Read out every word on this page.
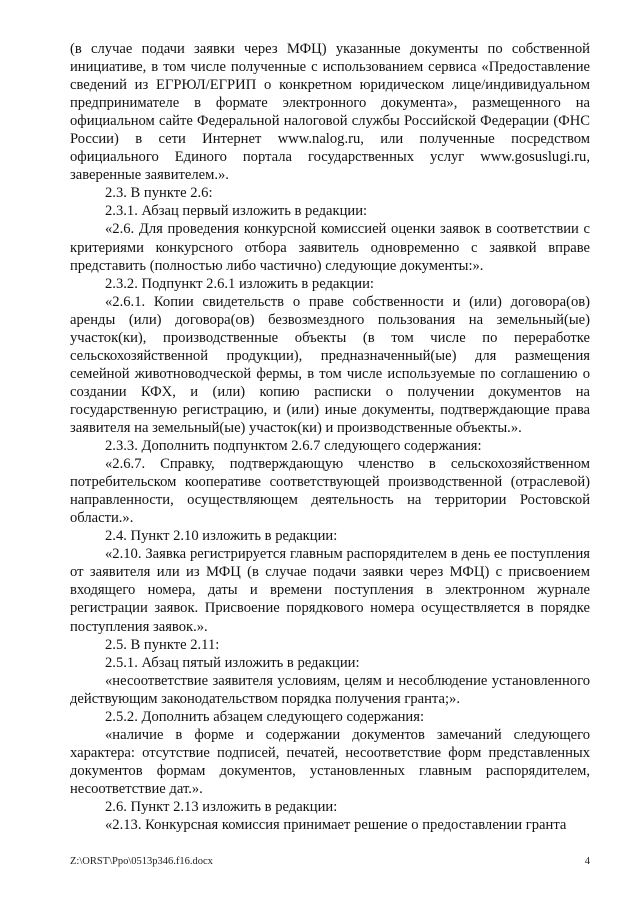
(в случае подачи заявки через МФЦ) указанные документы по собственной инициативе, в том числе полученные с использованием сервиса «Предоставление сведений из ЕГРЮЛ/ЕГРИП о конкретном юридическом лице/индивидуальном предпринимателе в формате электронного документа», размещенного на официальном сайте Федеральной налоговой службы Российской Федерации (ФНС России) в сети Интернет www.nalog.ru, или полученные посредством официального Единого портала государственных услуг www.gosuslugi.ru, заверенные заявителем.».

2.3. В пункте 2.6:

2.3.1. Абзац первый изложить в редакции:

«2.6. Для проведения конкурсной комиссией оценки заявок в соответствии с критериями конкурсного отбора заявитель одновременно с заявкой вправе представить (полностью либо частично) следующие документы:».

2.3.2. Подпункт 2.6.1 изложить в редакции:

«2.6.1. Копии свидетельств о праве собственности и (или) договора(ов) аренды (или) договора(ов) безвозмездного пользования на земельный(ые) участок(ки), производственные объекты (в том числе по переработке сельскохозяйственной продукции), предназначенный(ые) для размещения семейной животноводческой фермы, в том числе используемые по соглашению о создании КФХ, и (или) копию расписки о получении документов на государственную регистрацию, и (или) иные документы, подтверждающие права заявителя на земельный(ые) участок(ки) и производственные объекты.».

2.3.3. Дополнить подпунктом 2.6.7 следующего содержания:

«2.6.7. Справку, подтверждающую членство в сельскохозяйственном потребительском кооперативе соответствующей производственной (отраслевой) направленности, осуществляющем деятельность на территории Ростовской области.».

2.4. Пункт 2.10 изложить в редакции:

«2.10. Заявка регистрируется главным распорядителем в день ее поступления от заявителя или из МФЦ (в случае подачи заявки через МФЦ) с присвоением входящего номера, даты и времени поступления в электронном журнале регистрации заявок. Присвоение порядкового номера осуществляется в порядке поступления заявок.».

2.5. В пункте 2.11:

2.5.1. Абзац пятый изложить в редакции:

«несоответствие заявителя условиям, целям и несоблюдение установленного действующим законодательством порядка получения гранта;».

2.5.2. Дополнить абзацем следующего содержания:

«наличие в форме и содержании документов замечаний следующего характера: отсутствие подписей, печатей, несоответствие форм представленных документов формам документов, установленных главным распорядителем, несоответствие дат.».

2.6. Пункт 2.13 изложить в редакции:

«2.13. Конкурсная комиссия принимает решение о предоставлении гранта

Z:\ORST\Ppo\0513p346.f16.docx	4
